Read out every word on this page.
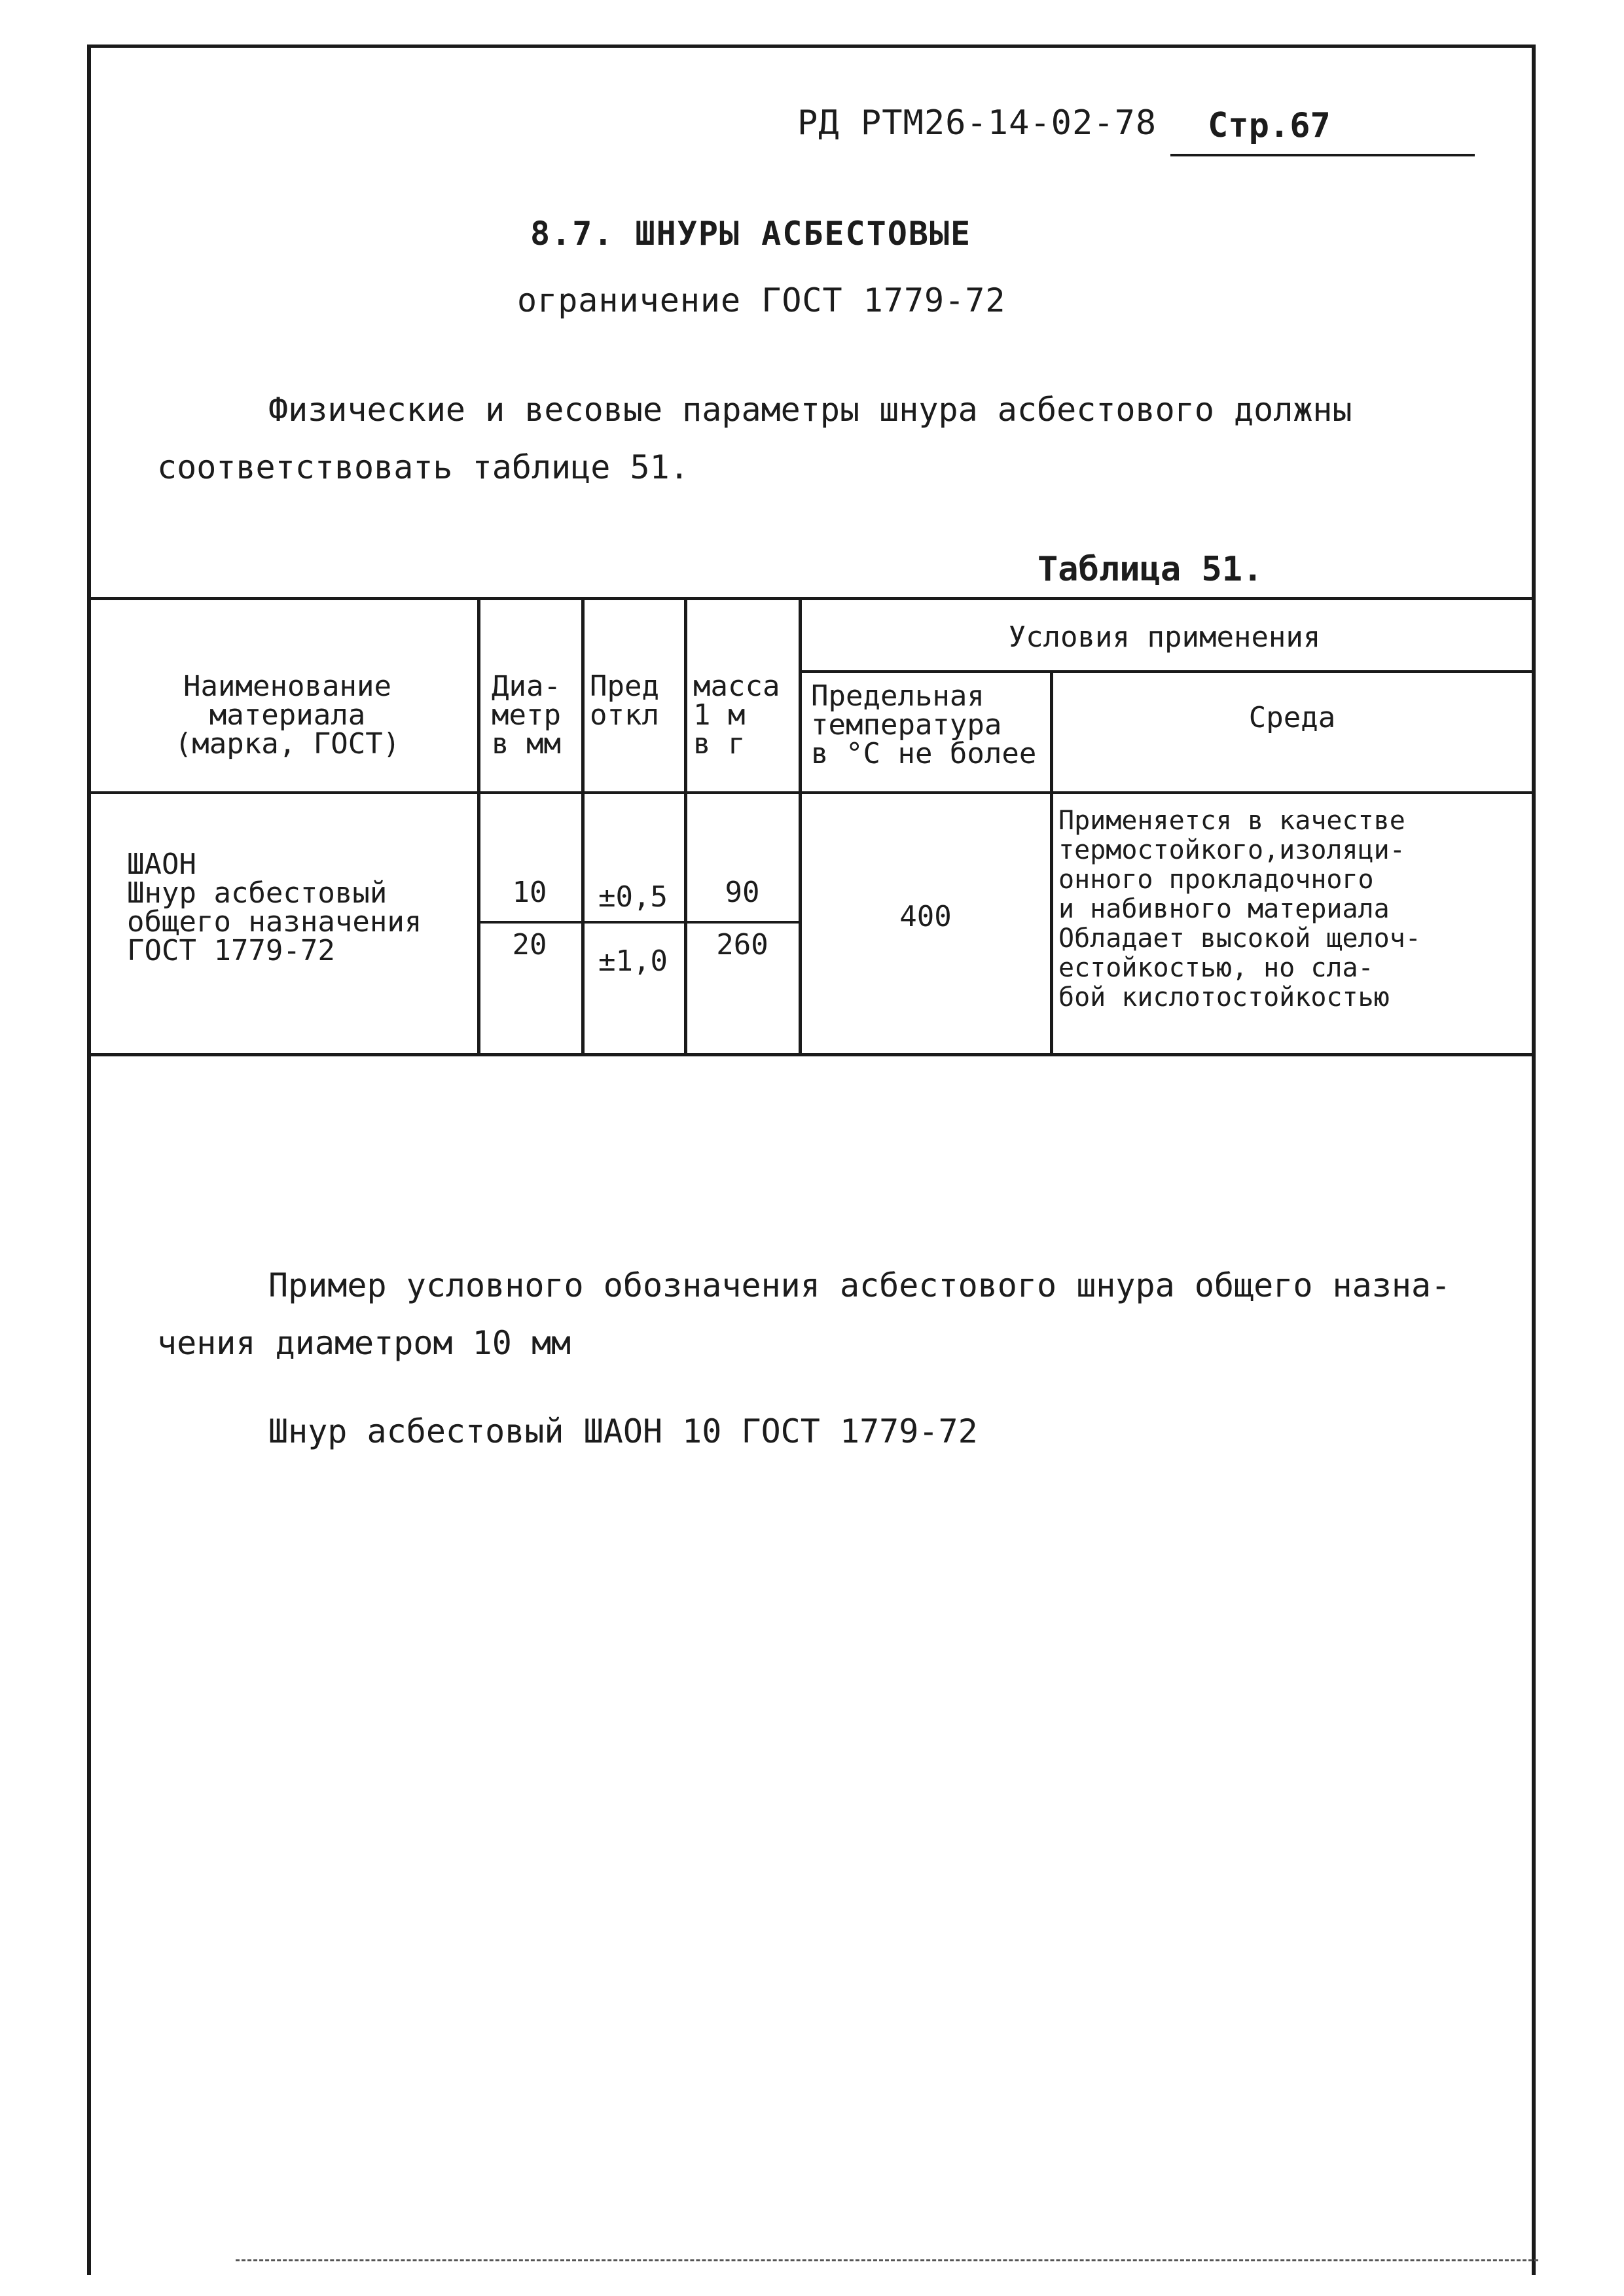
РД РТМ26-14-02-78 Стр.67
8.7. ШНУРЫ АСБЕСТОВЫЕ
ограничение ГОСТ 1779-72

Физические и весовые параметры шнура асбестового должны соответствовать таблице 51.

Таблица 51.
Наименование
материала
(марка, ГОСТ)
Диа-
метр
в мм
Пред
откл
масса
1 м
в г
Условия применения
Предельная
температура
в °С не более
Среда
ШАОН
Шнур асбестовый
общего назначения
ГОСТ 1779-72
10
20
±0,5
±1,0
90
260
400
Применяется в качестве
термостойкого,изоляци-
онного прокладочного
и набивного материала
Обладает высокой щелоч-
естойкостью, но сла-
бой кислотостойкостью

Пример условного обозначения асбестового шнура общего назна-чения диаметром 10 мм

Шнур асбестовый ШАОН 10 ГОСТ 1779-72
